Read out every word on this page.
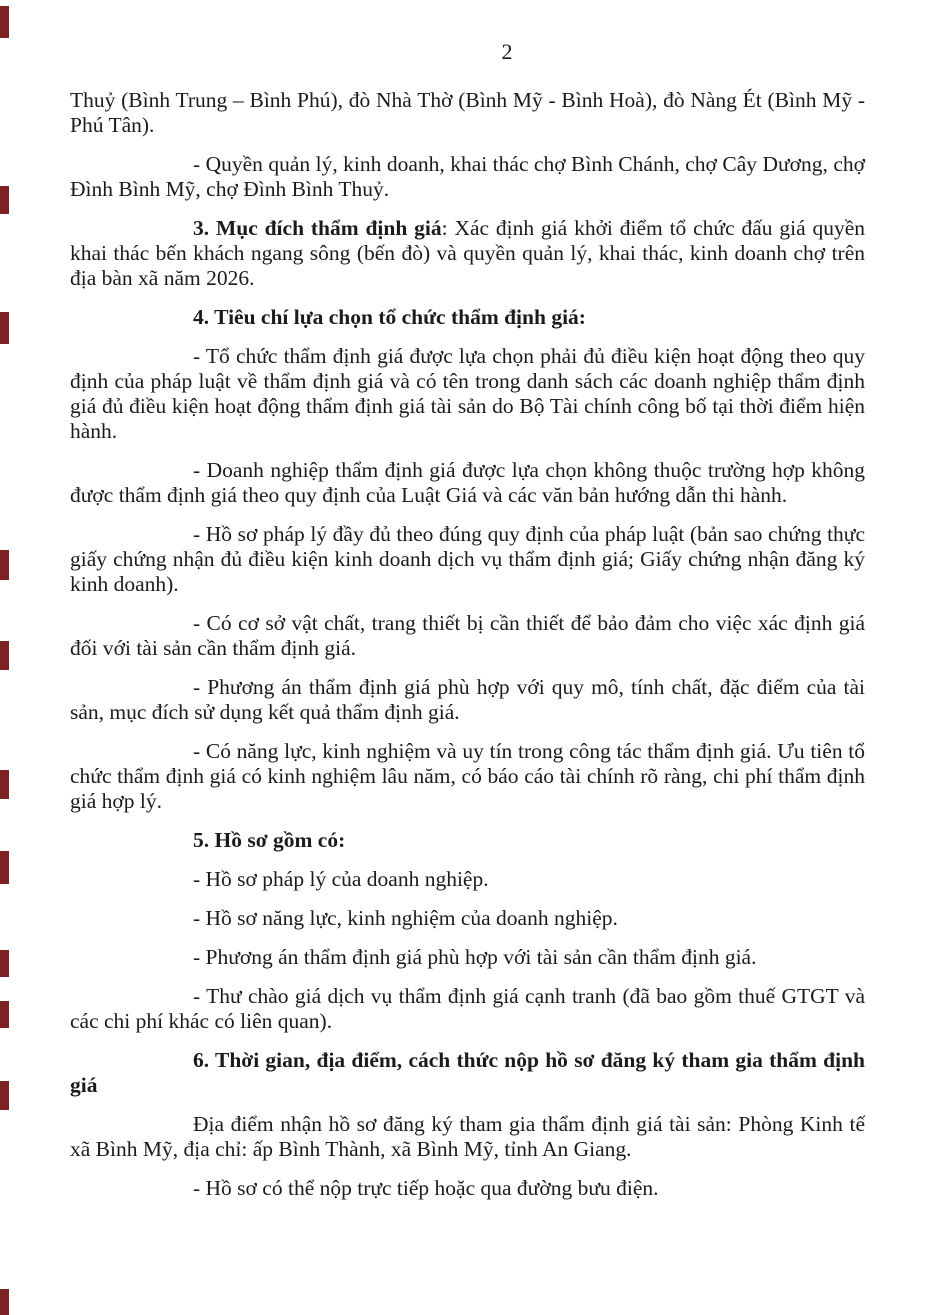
2

Thuỷ (Bình Trung – Bình Phú), đò Nhà Thờ (Bình Mỹ - Bình Hoà), đò Nàng Ét (Bình Mỹ - Phú Tân).

- Quyền quản lý, kinh doanh, khai thác chợ Bình Chánh, chợ Cây Dương, chợ Đình Bình Mỹ, chợ Đình Bình Thuỷ.

3. Mục đích thẩm định giá: Xác định giá khởi điểm tổ chức đấu giá quyền khai thác bến khách ngang sông (bến đò) và quyền quản lý, khai thác, kinh doanh chợ trên địa bàn xã năm 2026.

4. Tiêu chí lựa chọn tổ chức thẩm định giá:

- Tổ chức thẩm định giá được lựa chọn phải đủ điều kiện hoạt động theo quy định của pháp luật về thẩm định giá và có tên trong danh sách các doanh nghiệp thẩm định giá đủ điều kiện hoạt động thẩm định giá tài sản do Bộ Tài chính công bố tại thời điểm hiện hành.

- Doanh nghiệp thẩm định giá được lựa chọn không thuộc trường hợp không được thẩm định giá theo quy định của Luật Giá và các văn bản hướng dẫn thi hành.

- Hồ sơ pháp lý đầy đủ theo đúng quy định của pháp luật (bản sao chứng thực giấy chứng nhận đủ điều kiện kinh doanh dịch vụ thẩm định giá; Giấy chứng nhận đăng ký kinh doanh).

- Có cơ sở vật chất, trang thiết bị cần thiết để bảo đảm cho việc xác định giá đối với tài sản cần thẩm định giá.

- Phương án thẩm định giá phù hợp với quy mô, tính chất, đặc điểm của tài sản, mục đích sử dụng kết quả thẩm định giá.

- Có năng lực, kinh nghiệm và uy tín trong công tác thẩm định giá. Ưu tiên tổ chức thẩm định giá có kinh nghiệm lâu năm, có báo cáo tài chính rõ ràng, chi phí thẩm định giá hợp lý.

5. Hồ sơ gồm có:

- Hồ sơ pháp lý của doanh nghiệp.

- Hồ sơ năng lực, kinh nghiệm của doanh nghiệp.

- Phương án thẩm định giá phù hợp với tài sản cần thẩm định giá.

- Thư chào giá dịch vụ thẩm định giá cạnh tranh (đã bao gồm thuế GTGT và các chi phí khác có liên quan).

6. Thời gian, địa điểm, cách thức nộp hồ sơ đăng ký tham gia thẩm định giá

Địa điểm nhận hồ sơ đăng ký tham gia thẩm định giá tài sản: Phòng Kinh tế xã Bình Mỹ, địa chỉ: ấp Bình Thành, xã Bình Mỹ, tỉnh An Giang.

- Hồ sơ có thể nộp trực tiếp hoặc qua đường bưu điện.
